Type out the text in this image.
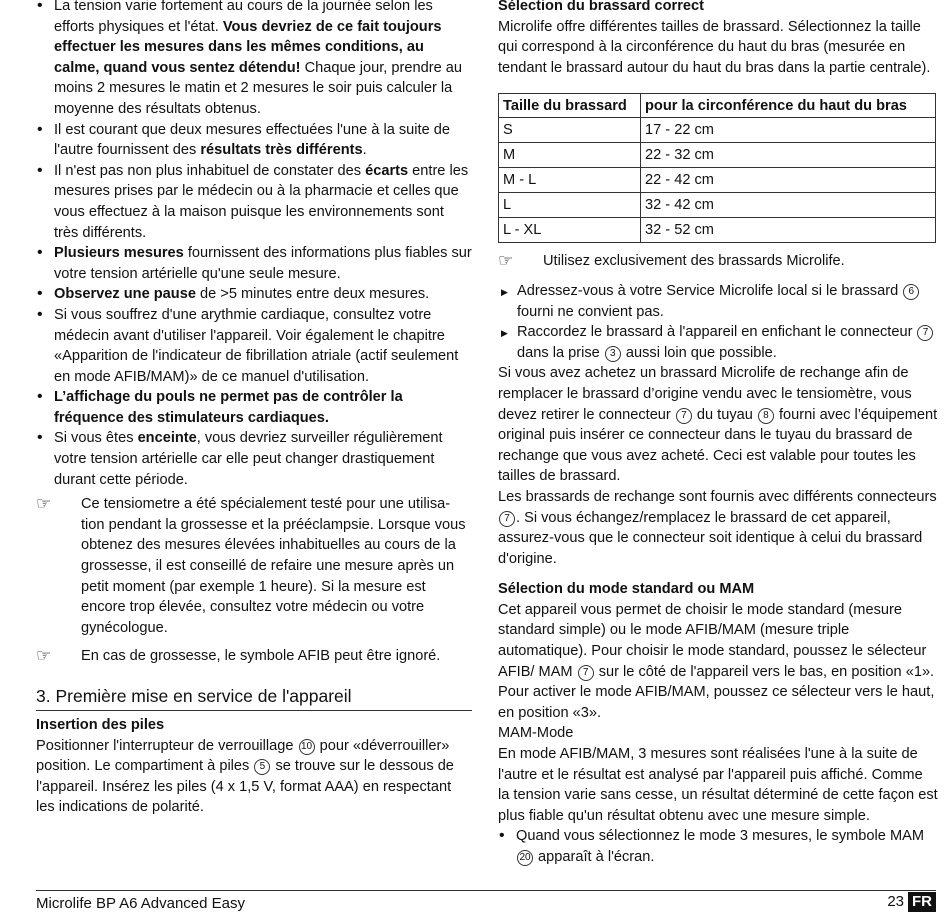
• La tension varie fortement au cours de la journée selon les efforts physiques et l'état. Vous devriez de ce fait toujours effectuer les mesures dans les mêmes conditions, au calme, quand vous sentez détendu! Chaque jour, prendre au moins 2 mesures le matin et 2 mesures le soir puis calculer la moyenne des résultats obtenus.
• Il est courant que deux mesures effectuées l'une à la suite de l'autre fournissent des résultats très différents.
• Il n'est pas non plus inhabituel de constater des écarts entre les mesures prises par le médecin ou à la pharmacie et celles que vous effectuez à la maison puisque les environnements sont très différents.
• Plusieurs mesures fournissent des informations plus fiables sur votre tension artérielle qu'une seule mesure.
• Observez une pause de >5 minutes entre deux mesures.
• Si vous souffrez d'une arythmie cardiaque, consultez votre médecin avant d'utiliser l'appareil. Voir également le chapitre «Apparition de l'indicateur de fibrillation atriale (actif seulement en mode AFIB/MAM)» de ce manuel d'utilisation.
• L’affichage du pouls ne permet pas de contrôler la fréquence des stimulateurs cardiaques.
• Si vous êtes enceinte, vous devriez surveiller régulièrement votre tension artérielle car elle peut changer drastiquement durant cette période.
☞ Ce tensiometre a été spécialement testé pour une utilisa-tion pendant la grossesse et la prééclampsie. Lorsque vous obtenez des mesures élevées inhabituelles au cours de la grossesse, il est conseillé de refaire une mesure après un petit moment (par exemple 1 heure). Si la mesure est encore trop élevée, consultez votre médecin ou votre gynécologue.
☞ En cas de grossesse, le symbole AFIB peut être ignoré.
3. Première mise en service de l'appareil

Insertion des piles

Positionner l'interrupteur de verrouillage 10 pour «déverrouiller» position. Le compartiment à piles 5 se trouve sur le dessous de l'appareil. Insérez les piles (4 x 1,5 V, format AAA) en respectant les indications de polarité.

Sélection du brassard correct

Microlife offre différentes tailles de brassard. Sélectionnez la taille qui correspond à la circonférence du haut du bras (mesurée en tendant le brassard autour du haut du bras dans la partie centrale).

Taille du brassard	pour la circonférence du haut du bras
S	17 - 22 cm
M	22 - 32 cm
M - L	22 - 42 cm
L	32 - 42 cm
L - XL	32 - 52 cm
☞ Utilisez exclusivement des brassards Microlife.
▶ Adressez-vous à votre Service Microlife local si le brassard 6 fourni ne convient pas.
▶ Raccordez le brassard à l'appareil en enfichant le connecteur 7 dans la prise 3 aussi loin que possible.

Si vous avez achetez un brassard Microlife de rechange afin de remplacer le brassard d’origine vendu avec le tensiomètre, vous devez retirer le connecteur 7 du tuyau 8 fourni avec l’équipement original puis insérer ce connecteur dans le tuyau du brassard de rechange que vous avez acheté. Ceci est valable pour toutes les tailles de brassard.

Les brassards de rechange sont fournis avec différents connecteurs 7 . Si vous échangez/remplacez le brassard de cet appareil, assurez-vous que le connecteur soit identique à celui du brassard d'origine.

Sélection du mode standard ou MAM

Cet appareil vous permet de choisir le mode standard (mesure standard simple) ou le mode AFIB/MAM (mesure triple automatique). Pour choisir le mode standard, poussez le sélecteur AFIB/ MAM 7 sur le côté de l'appareil vers le bas, en position «1». Pour activer le mode AFIB/MAM, poussez ce sélecteur vers le haut, en position «3».

MAM-Mode

En mode AFIB/MAM, 3 mesures sont réalisées l'une à la suite de l'autre et le résultat est analysé par l'appareil puis affiché. Comme la tension varie sans cesse, un résultat déterminé de cette façon est plus fiable qu'un résultat obtenu avec une mesure simple.

• Quand vous sélectionnez le mode 3 mesures, le symbole MAM 20 apparaît à l'écran.
Microlife BP A6 Advanced Easy	23 FR
